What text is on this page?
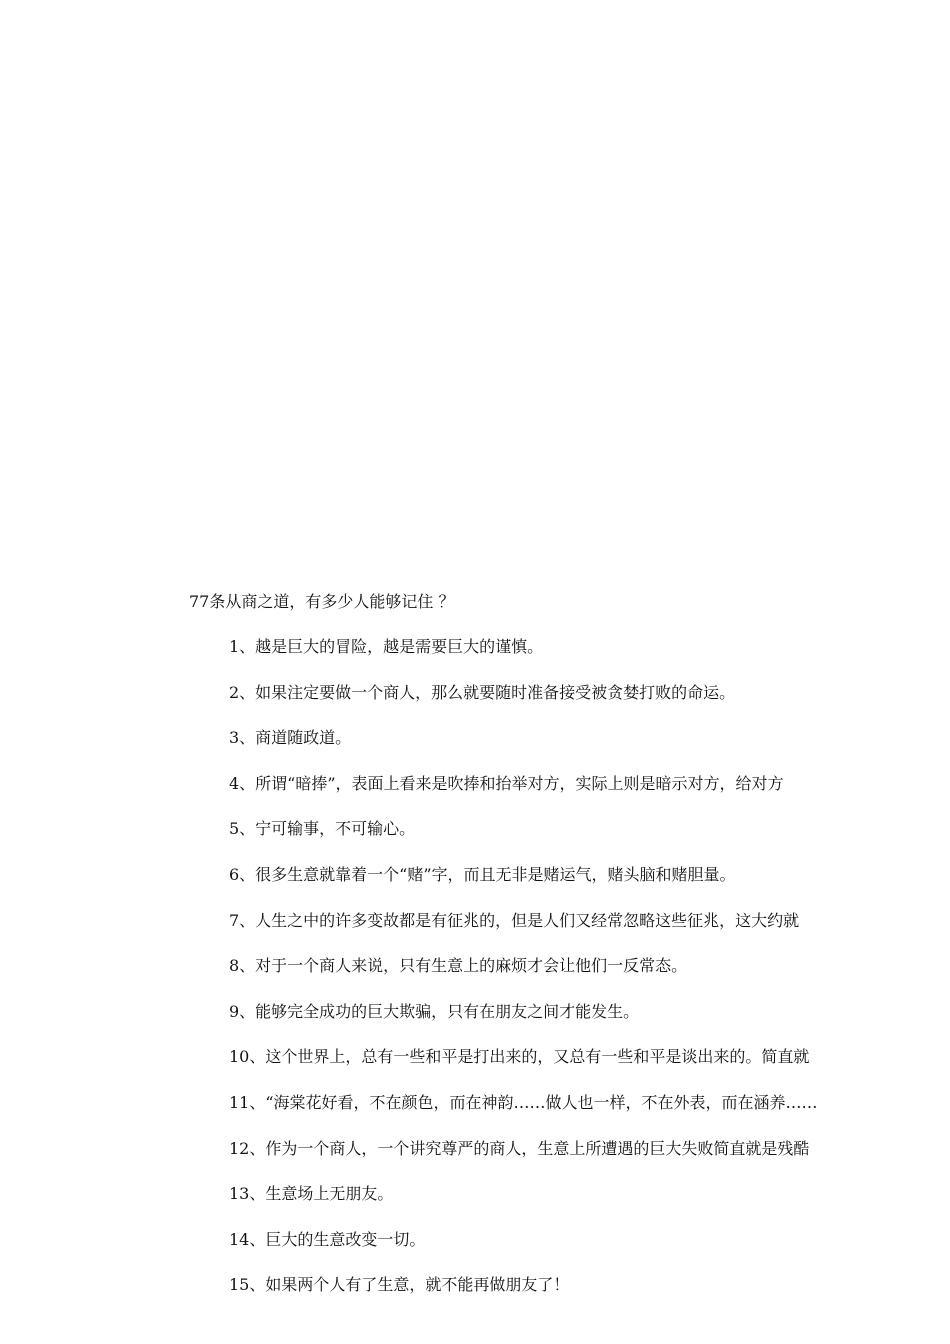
77条从商之道，有多少人能够记住 ？
1、越是巨大的冒险，越是需要巨大的谨慎。
2、如果注定要做一个商人，那么就要随时准备接受被贪婪打败的命运。
3、商道随政道。
4、所谓“暗捧”，表面上看来是吹捧和抬举对方，实际上则是暗示对方，给对方
5、宁可输事，不可输心。
6、很多生意就靠着一个“赌”字，而且无非是赌运气，赌头脑和赌胆量。
7、人生之中的许多变故都是有征兆的，但是人们又经常忽略这些征兆，这大约就
8、对于一个商人来说，只有生意上的麻烦才会让他们一反常态。
9、能够完全成功的巨大欺骗，只有在朋友之间才能发生。
10、这个世界上，总有一些和平是打出来的，又总有一些和平是谈出来的。简直就
11、“海棠花好看，不在颜色，而在神韵……做人也一样，不在外表，而在涵养……
12、作为一个商人，一个讲究尊严的商人，生意上所遭遇的巨大失败简直就是残酷
13、生意场上无朋友。
14、巨大的生意改变一切。
15、如果两个人有了生意，就不能再做朋友了！
